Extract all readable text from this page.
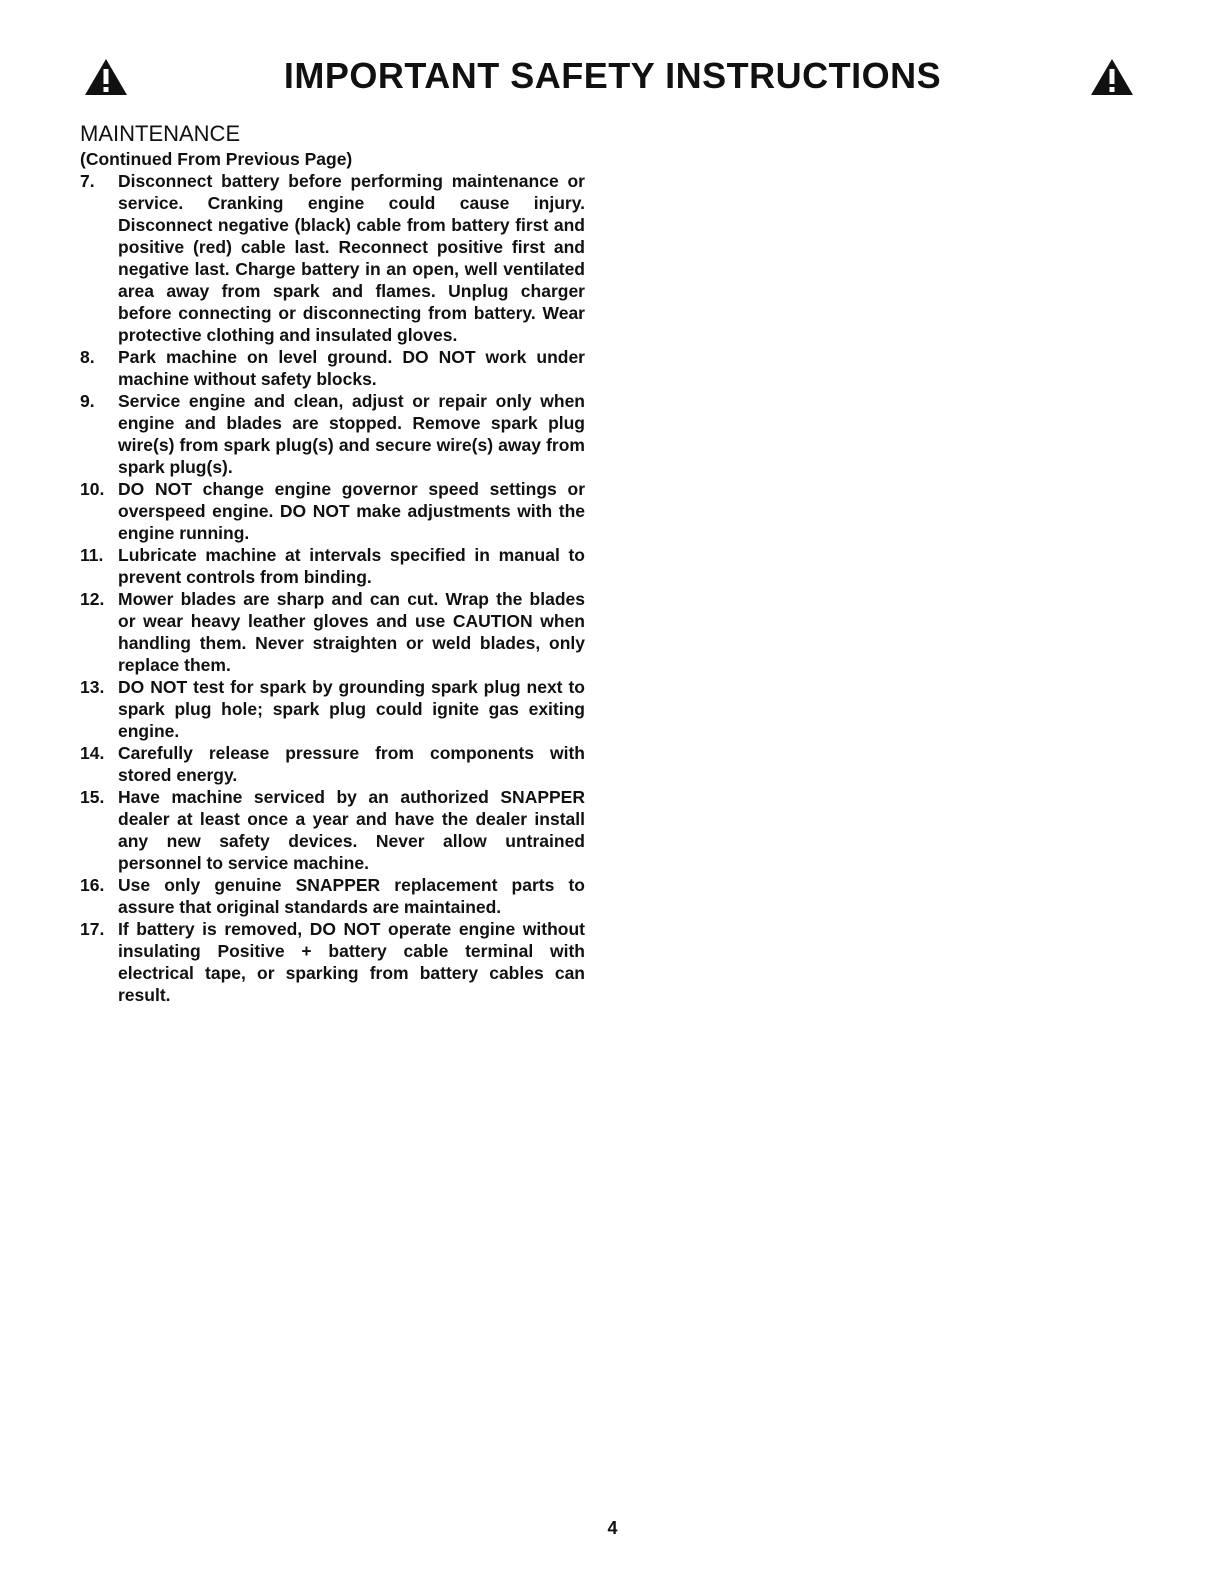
IMPORTANT SAFETY INSTRUCTIONS
MAINTENANCE

(Continued From Previous Page)

7. Disconnect battery before performing maintenance or service. Cranking engine could cause injury. Disconnect negative (black) cable from battery first and positive (red) cable last. Reconnect positive first and negative last. Charge battery in an open, well ventilated area away from spark and flames. Unplug charger before connecting or disconnecting from battery. Wear protective clothing and insulated gloves.
8. Park machine on level ground. DO NOT work under machine without safety blocks.
9. Service engine and clean, adjust or repair only when engine and blades are stopped. Remove spark plug wire(s) from spark plug(s) and secure wire(s) away from spark plug(s).
10. DO NOT change engine governor speed settings or overspeed engine. DO NOT make adjustments with the engine running.
11. Lubricate machine at intervals specified in manual to prevent controls from binding.
12. Mower blades are sharp and can cut. Wrap the blades or wear heavy leather gloves and use CAUTION when handling them. Never straighten or weld blades, only replace them.
13. DO NOT test for spark by grounding spark plug next to spark plug hole; spark plug could ignite gas exiting engine.
14. Carefully release pressure from components with stored energy.
15. Have machine serviced by an authorized SNAPPER dealer at least once a year and have the dealer install any new safety devices. Never allow untrained personnel to service machine.
16. Use only genuine SNAPPER replacement parts to assure that original standards are maintained.
17. If battery is removed, DO NOT operate engine without insulating Positive + battery cable terminal with electrical tape, or sparking from battery cables can result.
4
